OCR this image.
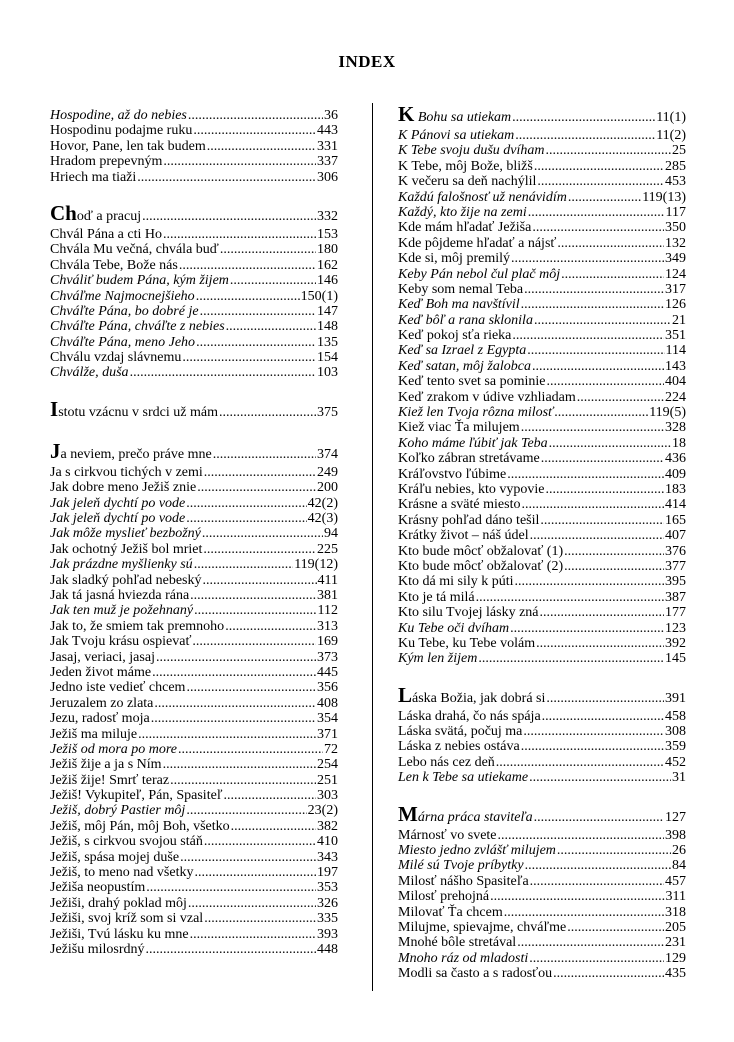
INDEX
Hospodine, až do nebies .....	36
Hospodinu podajme ruku .....	443
Hovor, Pane, len tak budem .....	331
Hradom prepevným .....	337
Hriech ma tiaži .....	306
Choď a pracuj .....	332
Chvál Pána a cti Ho .....	153
Chvála Mu večná, chvála buď .....	180
Chvála Tebe, Bože nás .....	162
Chváliť budem Pána, kým žijem .....	146
Chváľme Najmocnejšieho .....	150(1)
Chváľte Pána, bo dobré je .....	147
Chváľte Pána, chváľte z nebies .....	148
Chváľte Pána, meno Jeho .....	135
Chválu vzdaj slávnemu .....	154
Chválže, duša .....	103
Istotu vzácnu v srdci už mám .....	375
Ja neviem, prečo práve mne .....	374
Ja s cirkvou tichých v zemi .....	249
Jak dobre meno Ježiš znie .....	200
Jak jeleň dychtí po vode .....	42(2)
Jak jeleň dychtí po vode .....	42(3)
Jak môže myslieť bezbožný .....	94
Jak ochotný Ježiš bol mriet .....	225
Jak prázdne myšlienky sú .....	119(12)
Jak sladký pohľad nebeský .....	411
Jak tá jasná hviezda rána .....	381
Jak ten muž je požehnaný .....	112
Jak to, že smiem tak premnoho .....	313
Jak Tvoju krásu ospievať .....	169
Jasaj, veriaci, jasaj .....	373
Jeden život máme .....	445
Jedno iste vedieť chcem .....	356
Jeruzalem zo zlata .....	408
Jezu, radosť moja .....	354
Ježiš ma miluje .....	371
Ježiš od mora po more .....	72
Ježiš žije a ja s Ním .....	254
Ježiš žije! Smrť teraz .....	251
Ježiš! Vykupiteľ, Pán, Spasiteľ .....	303
Ježiš, dobrý Pastier môj .....	23(2)
Ježiš, môj Pán, môj Boh, všetko .....	382
Ježiš, s cirkvou svojou stáň .....	410
Ježiš, spása mojej duše .....	343
Ježiš, to meno nad všetky .....	197
Ježiša neopustím .....	353
Ježiši, drahý poklad môj .....	326
Ježiši, svoj kríž som si vzal .....	335
Ježiši, Tvú lásku ku mne .....	393
Ježišu milosrdný .....	448
K Bohu sa utiekam .....	11(1)
K Pánovi sa utiekam .....	11(2)
K Tebe svoju dušu dvíham .....	25
K Tebe, môj Bože, bližš .....	285
K večeru sa deň nachýlil .....	453
Každú falošnosť už nenávidím .....	119(13)
Každý, kto žije na zemi .....	117
Kde mám hľadať Ježiša .....	350
Kde pôjdeme hľadať a nájsť .....	132
Kde si, môj premilý .....	349
Keby Pán nebol čul plač môj .....	124
Keby som nemal Teba .....	317
Keď Boh ma navštívil .....	126
Keď bôľ a rana sklonila .....	21
Keď pokoj sťa rieka .....	351
Keď sa Izrael z Egypta .....	114
Keď satan, môj žalobca .....	143
Keď tento svet sa pominie .....	404
Keď zrakom v údive vzhliadam .....	224
Kiež len Tvoja rôzna milosť .....	119(5)
Kiež viac Ťa milujem .....	328
Koho máme ľúbiť jak Teba .....	18
Koľko zábran stretávame .....	436
Kráľovstvo ľúbime .....	409
Kráľu nebies, kto vypovie .....	183
Krásne a sväté miesto .....	414
Krásny pohľad dáno tešil .....	165
Krátky život – náš údel .....	407
Kto bude môcť obžalovať (1) .....	376
Kto bude môcť obžalovať (2) .....	377
Kto dá mi sily k púti .....	395
Kto je tá milá .....	387
Kto silu Tvojej lásky zná .....	177
Ku Tebe oči dvíham .....	123
Ku Tebe, ku Tebe volám .....	392
Kým len žijem .....	145
Láska Božia, jak dobrá si .....	391
Láska drahá, čo nás spája .....	458
Láska svätá, počuj ma .....	308
Láska z nebies ostáva .....	359
Lebo nás cez deň .....	452
Len k Tebe sa utiekame .....	31
Márna práca staviteľa .....	127
Márnosť vo svete .....	398
Miesto jedno zvlášť milujem .....	26
Milé sú Tvoje príbytky .....	84
Milosť nášho Spasiteľa .....	457
Milosť prehojná .....	311
Milovať Ťa chcem .....	318
Milujme, spievajme, chváľme .....	205
Mnohé bôle stretával .....	231
Mnoho ráz od mladosti .....	129
Modli sa často a s radosťou .....	435
